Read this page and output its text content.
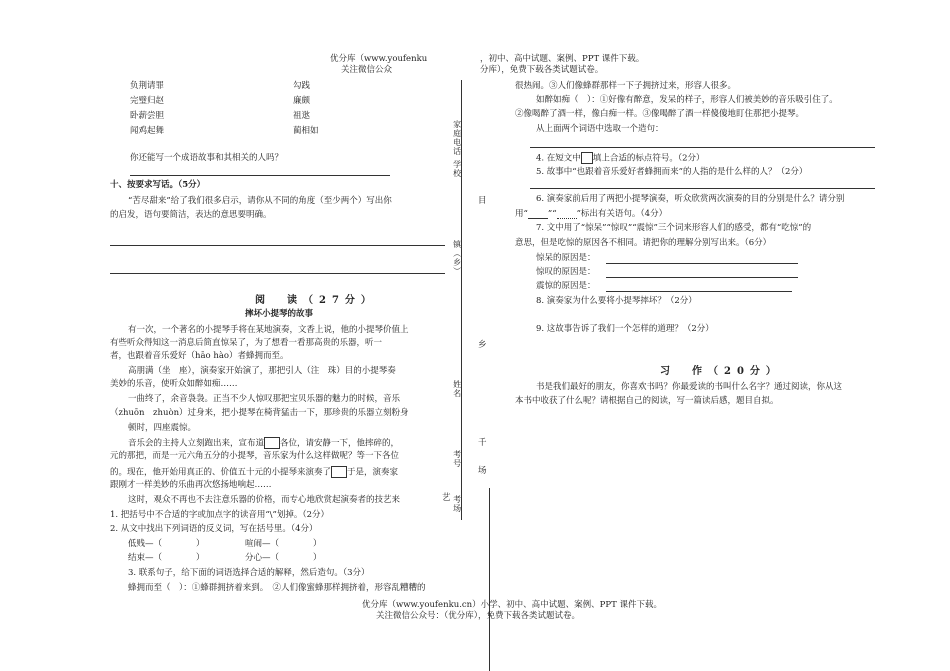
优分库（www.youfenku
关注微信公众
，初中、高中试题、案例、PPT 课件下载。
分库），免费下载各类试题试卷。
家庭电话
学校
镇（乡）
姓名
考号
考场
目
乡
千
场
艺
负荆请罪	勾践
完璧归赵	廉颇
卧薪尝胆	祖逖
闻鸡起舞	蔺相如
你还能写一个成语故事和其相关的人吗？
十、按要求写话。（5分）
“苦尽甜来”给了我们很多启示，请你从不同的角度（至少两个）写出你
的启发，语句要简洁，表达的意思要明确。
阅　读（27分）
摔坏小提琴的故事
有一次，一个著名的小提琴手将在某地演奏，文香上说，他的小提琴价值上
有些听众得知这一消息后简直惊呆了，为了想看一看那高贵的乐器，听一
者，也跟着音乐爱好（hāo hào）者蜂拥而至。
高朋满（坐　座），演奏家开始演了，那把引人（注　珠）目的小提琴奏
美妙的乐音，使听众如醉如痴……
一曲终了，余音袅袅。正当不少人惊叹那把宝贝乐器的魅力的时候，音乐
（zhuōn　zhuòn）过身来，把小提琴在椅背猛击一下，那珍贵的乐器立刻粉身
顿时，四座震惊。
音乐会的主持人立刻跑出来，宣布道 各位，请安静一下，他摔碎的，
元的那把，而是一元六角五分的小提琴，音乐家为什么这样做呢？等一下各位
的。现在，他开始用真正的、价值五十元的小提琴来演奏了 于是，演奏家
跟刚才一样美妙的乐曲再次悠扬地响起……
这时，观众不再也不去注意乐器的价格，而专心地欣赏起演奏者的技艺来
1. 把括号中不合适的字或加点字的读音用“\”划掉。（2分）
2. 从文中找出下列词语的反义词，写在括号里。（4分）
低贱—（　　　　）	喧闹—（　　　　）
结束—（　　　　）	分心—（　　　　）
3. 联系句子，给下面的词语选择合适的解释，然后造句。（3分）
蜂拥而至（　）：①蜂群拥挤着来到。　②人们像蜜蜂那样拥挤着，形容乱糟糟的
很热闹。③人们像蜂群那样一下子拥挤过来，形容人很多。
如醉如痴（　）：①好像有醉意，发呆的样子，形容人们被美妙的音乐吸引住了。
②像喝醉了酒一样，像白痴一样。③像喝醉了酒一样傻傻地盯住那把小提琴。
从上面两个词语中选取一个造句：
4. 在短文中 填上合适的标点符号。（2分）
5. 故事中“也跟着音乐爱好者蜂拥而来”的人指的是什么样的人？（2分）
6. 演奏家前后用了两把小提琴演奏，听众欣赏两次演奏的目的分别是什么？请分别
用“ ”“ ”标出有关语句。（4分）
7. 文中用了“惊呆”“惊叹”“震惊”三个词来形容人们的感受，都有“吃惊”的
意思，但是吃惊的原因各不相同。请把你的理解分别写出来。（6分）
惊呆的原因是：
惊叹的原因是：
震惊的原因是：
8. 演奏家为什么要将小提琴摔坏？（2分）
9. 这故事告诉了我们一个怎样的道理？（2分）
习　作（20分）
书是我们最好的朋友，你喜欢书吗？你最爱读的书叫什么名字？通过阅读，你从这
本书中收获了什么呢？请根据自己的阅读，写一篇读后感，题目自拟。
优分库（www.youfenku.cn）小学、初中、高中试题、案例、PPT 课件下载。
关注微信公众号：（优分库），免费下载各类试题试卷。
